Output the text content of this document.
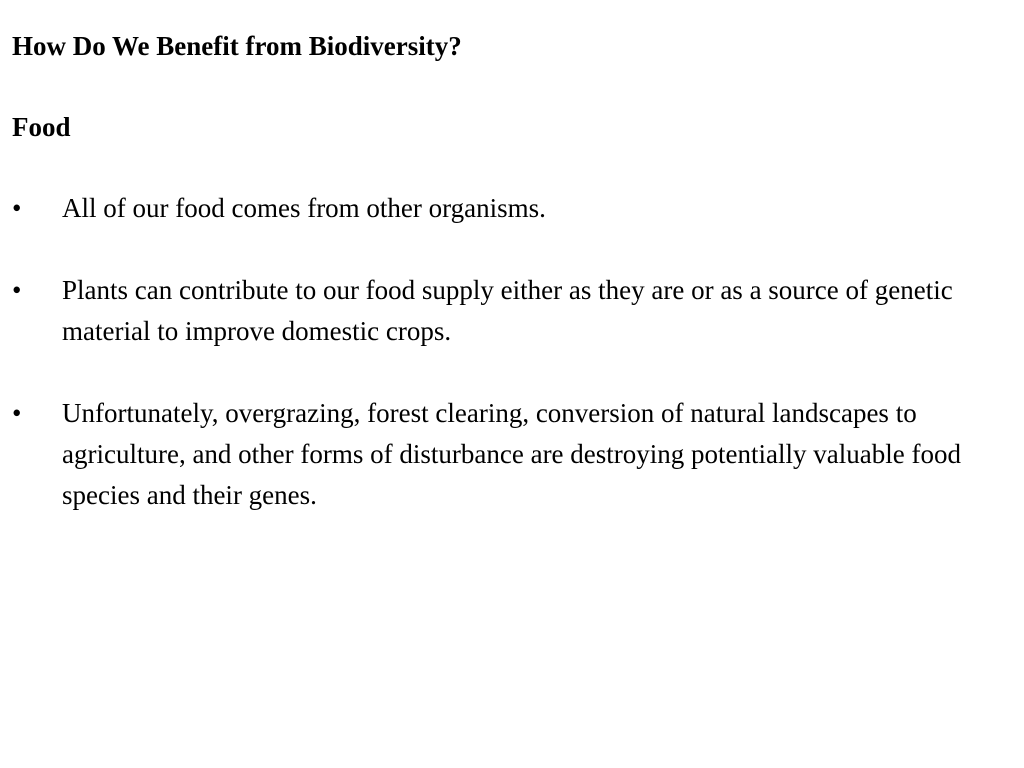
How Do We Benefit from Biodiversity?
Food
•	All of our food comes from other organisms.
•	Plants can contribute to our food supply either as they are or as a source of genetic material to improve domestic crops.
•	Unfortunately, overgrazing, forest clearing, conversion of natural landscapes to agriculture, and other forms of disturbance are destroying potentially valuable food species and their genes.
